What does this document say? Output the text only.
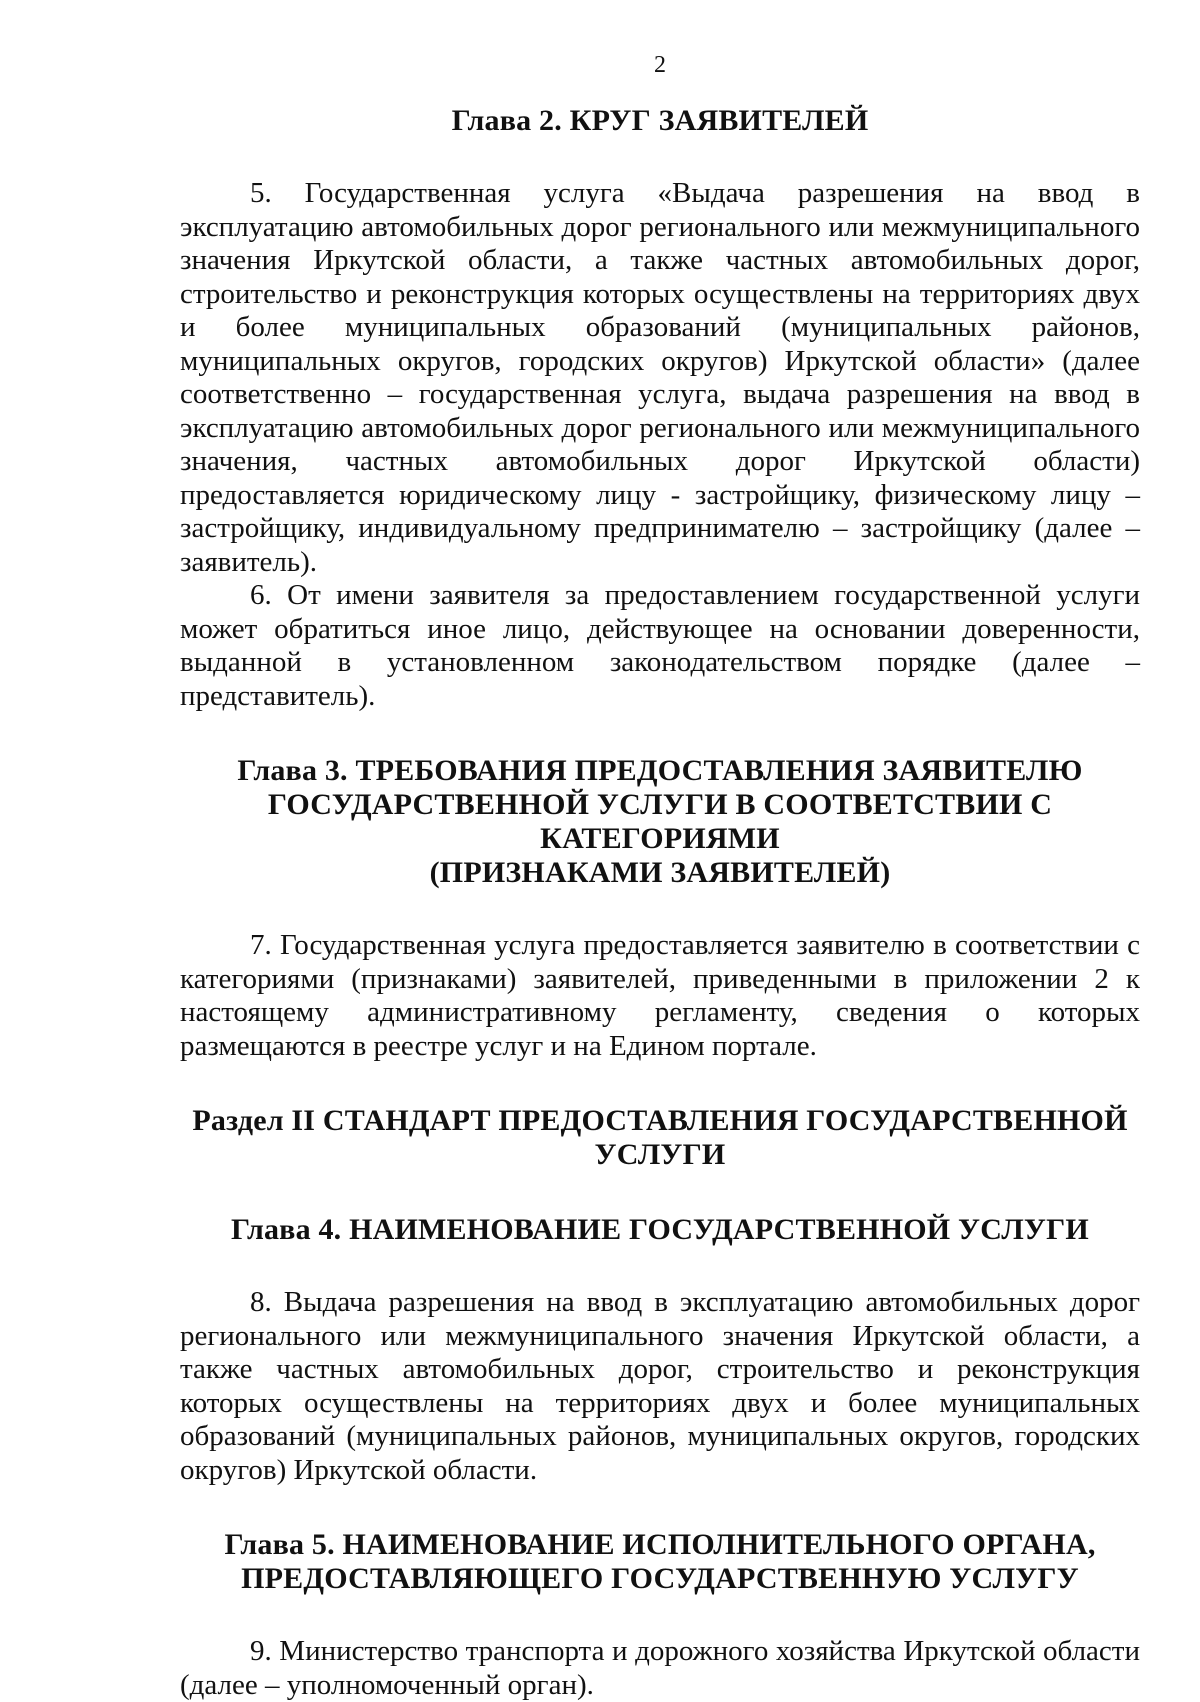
2
Глава 2. КРУГ ЗАЯВИТЕЛЕЙ

5. Государственная услуга «Выдача разрешения на ввод в эксплуатацию автомобильных дорог регионального или межмуниципального значения Иркутской области, а также частных автомобильных дорог, строительство и реконструкция которых осуществлены на территориях двух и более муниципальных образований (муниципальных районов, муниципальных округов, городских округов) Иркутской области» (далее соответственно – государственная услуга, выдача разрешения на ввод в эксплуатацию автомобильных дорог регионального или межмуниципального значения, частных автомобильных дорог Иркутской области) предоставляется юридическому лицу - застройщику, физическому лицу – застройщику, индивидуальному предпринимателю – застройщику (далее – заявитель).

6. От имени заявителя за предоставлением государственной услуги может обратиться иное лицо, действующее на основании доверенности, выданной в установленном законодательством порядке (далее – представитель).

Глава 3. ТРЕБОВАНИЯ ПРЕДОСТАВЛЕНИЯ ЗАЯВИТЕЛЮ
ГОСУДАРСТВЕННОЙ УСЛУГИ В СООТВЕТСТВИИ С КАТЕГОРИЯМИ
(ПРИЗНАКАМИ ЗАЯВИТЕЛЕЙ)

7. Государственная услуга предоставляется заявителю в соответствии с категориями (признаками) заявителей, приведенными в приложении 2 к настоящему административному регламенту, сведения о которых размещаются в реестре услуг и на Едином портале.

Раздел II СТАНДАРТ ПРЕДОСТАВЛЕНИЯ ГОСУДАРСТВЕННОЙ
УСЛУГИ
Глава 4. НАИМЕНОВАНИЕ ГОСУДАРСТВЕННОЙ УСЛУГИ

8. Выдача разрешения на ввод в эксплуатацию автомобильных дорог регионального или межмуниципального значения Иркутской области, а также частных автомобильных дорог, строительство и реконструкция которых осуществлены на территориях двух и более муниципальных образований (муниципальных районов, муниципальных округов, городских округов) Иркутской области.

Глава 5. НАИМЕНОВАНИЕ ИСПОЛНИТЕЛЬНОГО ОРГАНА,
ПРЕДОСТАВЛЯЮЩЕГО ГОСУДАРСТВЕННУЮ УСЛУГУ

9. Министерство транспорта и дорожного хозяйства Иркутской области (далее – уполномоченный орган).
